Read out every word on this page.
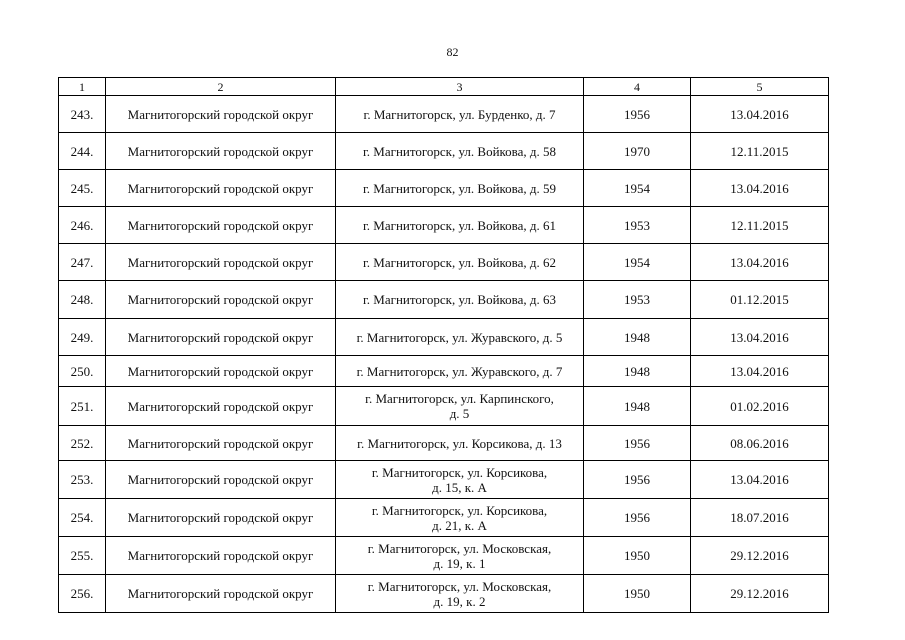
82
1	2	3	4	5
243.	Магнитогорский городской округ	г. Магнитогорск, ул. Бурденко, д. 7	1956	13.04.2016
244.	Магнитогорский городской округ	г. Магнитогорск, ул. Войкова, д. 58	1970	12.11.2015
245.	Магнитогорский городской округ	г. Магнитогорск, ул. Войкова, д. 59	1954	13.04.2016
246.	Магнитогорский городской округ	г. Магнитогорск, ул. Войкова, д. 61	1953	12.11.2015
247.	Магнитогорский городской округ	г. Магнитогорск, ул. Войкова, д. 62	1954	13.04.2016
248.	Магнитогорский городской округ	г. Магнитогорск, ул. Войкова, д. 63	1953	01.12.2015
249.	Магнитогорский городской округ	г. Магнитогорск, ул. Журавского, д. 5	1948	13.04.2016
250.	Магнитогорский городской округ	г. Магнитогорск, ул. Журавского, д. 7	1948	13.04.2016
251.	Магнитогорский городской округ	г. Магнитогорск, ул. Карпинского,
д. 5	1948	01.02.2016
252.	Магнитогорский городской округ	г. Магнитогорск, ул. Корсикова, д. 13	1956	08.06.2016
253.	Магнитогорский городской округ	г. Магнитогорск, ул. Корсикова,
д. 15, к. А	1956	13.04.2016
254.	Магнитогорский городской округ	г. Магнитогорск, ул. Корсикова,
д. 21, к. А	1956	18.07.2016
255.	Магнитогорский городской округ	г. Магнитогорск, ул. Московская,
д. 19, к. 1	1950	29.12.2016
256.	Магнитогорский городской округ	г. Магнитогорск, ул. Московская,
д. 19, к. 2	1950	29.12.2016
